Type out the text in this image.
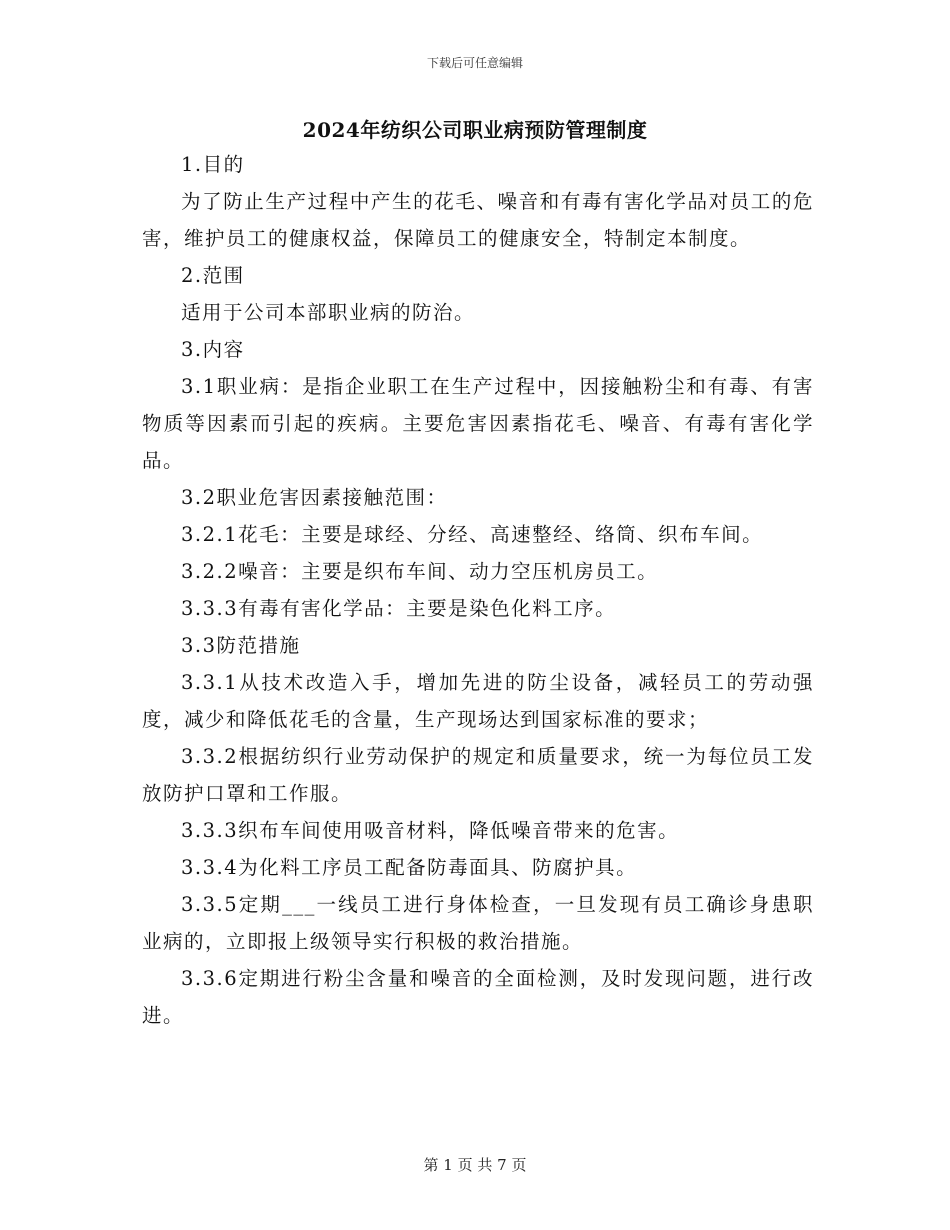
下载后可任意编辑
2024年纺织公司职业病预防管理制度

1.目的

为了防止生产过程中产生的花毛、噪音和有毒有害化学品对员工的危害，维护员工的健康权益，保障员工的健康安全，特制定本制度。

2.范围

适用于公司本部职业病的防治。

3.内容

3.1职业病：是指企业职工在生产过程中，因接触粉尘和有毒、有害物质等因素而引起的疾病。主要危害因素指花毛、噪音、有毒有害化学品。

3.2职业危害因素接触范围：

3.2.1花毛：主要是球经、分经、高速整经、络筒、织布车间。

3.2.2噪音：主要是织布车间、动力空压机房员工。

3.3.3有毒有害化学品：主要是染色化料工序。

3.3防范措施

3.3.1从技术改造入手，增加先进的防尘设备，减轻员工的劳动强度，减少和降低花毛的含量，生产现场达到国家标准的要求；

3.3.2根据纺织行业劳动保护的规定和质量要求，统一为每位员工发放防护口罩和工作服。

3.3.3织布车间使用吸音材料，降低噪音带来的危害。

3.3.4为化料工序员工配备防毒面具、防腐护具。

3.3.5定期___一线员工进行身体检查，一旦发现有员工确诊身患职业病的，立即报上级领导实行积极的救治措施。

3.3.6定期进行粉尘含量和噪音的全面检测，及时发现问题，进行改进。

第 1 页 共 7 页
